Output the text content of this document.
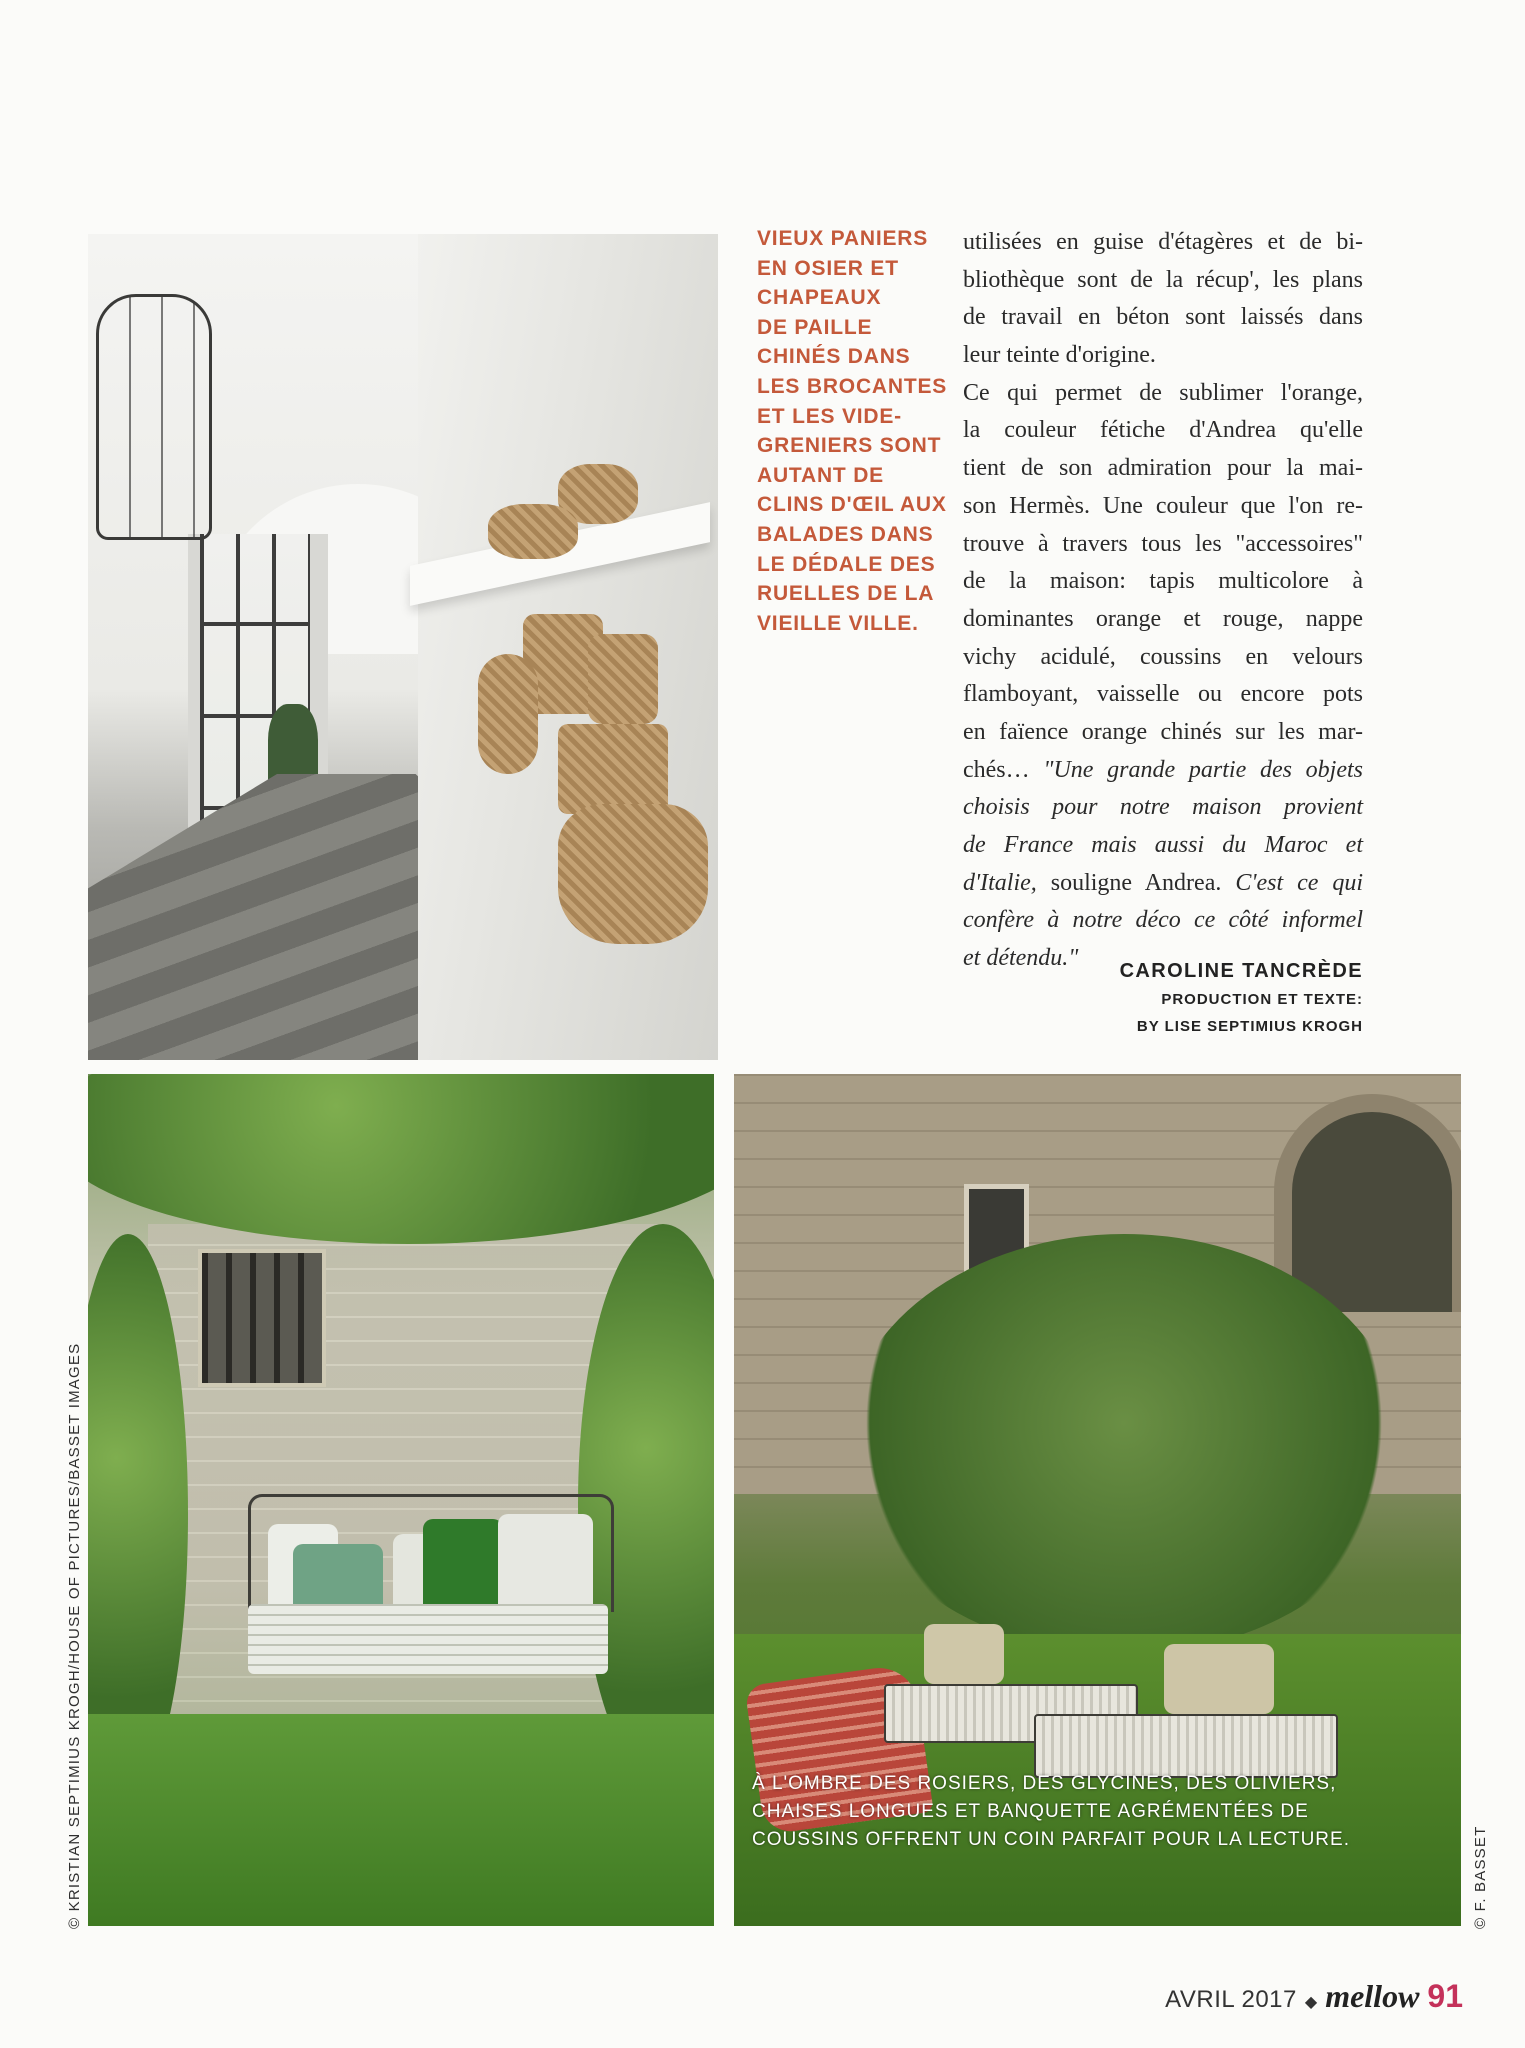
VIEUX PANIERS
EN OSIER ET
CHAPEAUX
DE PAILLE
CHINÉS DANS
LES BROCANTES
ET LES VIDE-
GRENIERS SONT
AUTANT DE
CLINS D'ŒIL AUX
BALADES DANS
LE DÉDALE DES
RUELLES DE LA
VIEILLE VILLE.

utilisées en guise d'étagères et de bi-
bliothèque sont de la récup', les plans
de travail en béton sont laissés dans
leur teinte d'origine.
Ce qui permet de sublimer l'orange,
la couleur fétiche d'Andrea qu'elle
tient de son admiration pour la mai-
son Hermès. Une couleur que l'on re-
trouve à travers tous les "accessoires"
de la maison: tapis multicolore à
dominantes orange et rouge, nappe
vichy acidulé, coussins en velours
flamboyant, vaisselle ou encore pots
en faïence orange chinés sur les mar-
chés… "Une grande partie des objets
choisis pour notre maison provient
de France mais aussi du Maroc et
d'Italie, souligne Andrea. C'est ce qui
confère à notre déco ce côté informel
et détendu."	CAROLINE TANCRÈDE
PRODUCTION ET TEXTE:
BY LISE SEPTIMIUS KROGH

À L'OMBRE DES ROSIERS, DES GLYCINES, DES OLIVIERS,
CHAISES LONGUES ET BANQUETTE AGRÉMENTÉES DE
COUSSINS OFFRENT UN COIN PARFAIT POUR LA LECTURE.

© KRISTIAN SEPTIMIUS KROGH/HOUSE OF PICTURES/BASSET IMAGES	© F. BASSET
AVRIL 2017 ◆ mellow 91
